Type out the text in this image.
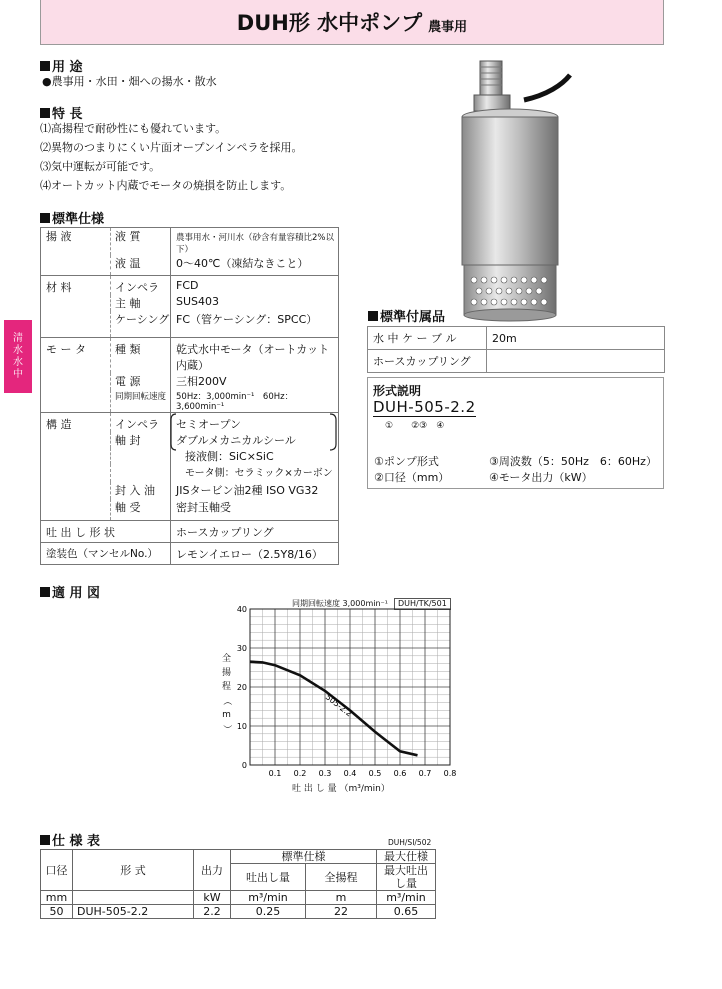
DUH形 水中ポンプ 農事用
清
水
水
中
用 途
●農事用・水田・畑への揚水・散水
特 長
⑴高揚程で耐砂性にも優れています。
⑵異物のつまりにくい片面オープンインペラを採用。
⑶気中運転が可能です。
⑷オートカット内蔵でモータの焼損を防止します。
標準仕様
揚 液	液 質	農事用水・河川水（砂含有量容積比2%以下）
	液 温	0～40℃（凍結なきこと）
材 料	インペラ	FCD
	主 軸	SUS403
	ケーシング	FC（管ケーシング：SPCC）
モ ー タ	種 類	乾式水中モータ（オートカット内蔵）
	電 源	三相200V
	同期回転速度	50Hz：3,000min⁻¹　60Hz：3,600min⁻¹
構 造	インペラ	セミオープン
	軸 封	ダブルメカニカルシール
		接液側：SiC×SiC
		モータ側：セラミック×カーボン
	封 入 油	JISタービン油2種 ISO VG32
	軸 受	密封玉軸受
吐 出 し 形 状		ホースカップリング
塗装色（マンセルNo.）		レモンイエロー（2.5Y8/16）
標準付属品
水 中 ケ ー ブ ル	20m
ホースカップリング	
形式説明
DUH-505-2.2
①　　②③　④
①ポンプ形式	③周波数（5：50Hz　6：60Hz）
②口径（mm）	④モータ出力（kW）
適 用 図
同期回転速度 3,000min⁻¹	DUH/TK/501
505-2.2
0
10
20
30
40
0.1 0.2 0.3 0.4 0.5 0.6 0.7 0.8
全
揚
程
（
m
）
吐 出 し 量 （m³/min）
仕 様 表	DUH/SI/502
口径	形 式	出力	標準仕様		最大仕様
			吐出し量	全揚程	最大吐出し量
mm		kW	m³/min	m	m³/min
50	DUH-505-2.2	2.2	0.25	22	0.65
